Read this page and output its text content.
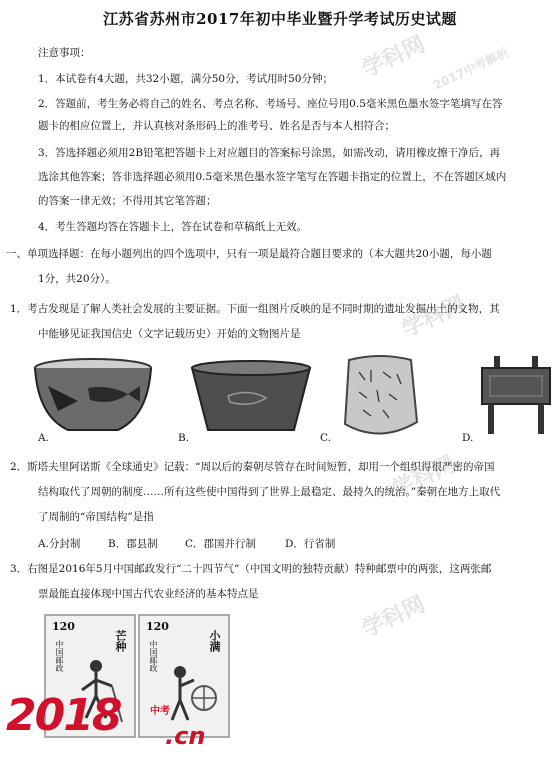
学科网 2017中考解析
学科网
学科网
学科网
江苏省苏州市2017年初中毕业暨升学考试历史试题
注意事项：
1．本试卷有4大题，共32小题，满分50分，考试用时50分钟；
2．答题前，考生务必将自己的姓名、考点名称、考场号、座位号用0.5毫米黑色墨水签字笔填写在答
题卡的相应位置上，并认真核对条形码上的准考号、姓名是否与本人相符合；
3．答选择题必须用2B铅笔把答题卡上对应题目的答案标号涂黑，如需改动，请用橡皮擦干净后，再
选涂其他答案；答非选择题必须用0.5毫米黑色墨水签字笔写在答题卡指定的位置上，不在答题区域内
的答案一律无效；不得用其它笔答题；
4．考生答题均答在答题卡上，答在试卷和草稿纸上无效。
一、单项选择题：在每小题列出的四个选项中，只有一项是最符合题目要求的（本大题共20小题，每小题
1分，共20分）。
1．考古发现是了解人类社会发展的主要证据。下面一组图片反映的是不同时期的遗址发掘出土的文物，其
中能够见证我国信史（文字记载历史）开始的文物图片是
A.	B.	C.	D.
2．斯塔夫里阿诺斯《全球通史》记载：“周以后的秦朝尽管存在时间短暂，却用一个组织得很严密的帝国
结构取代了周朝的制度……所有这些使中国得到了世界上最稳定、最持久的统治。”秦朝在地方上取代
了周制的“帝国结构”是指
A.分封制	B．郡县制	C．郡国并行制	D．行省制
3．右图是2016年5月中国邮政发行“二十四节气”（中国文明的独特贡献）特种邮票中的两张，这两张邮
票最能直接体现中国古代农业经济的基本特点是
120
芒种
中国邮政
120
小满
中国邮政
2018	中考
.cn
